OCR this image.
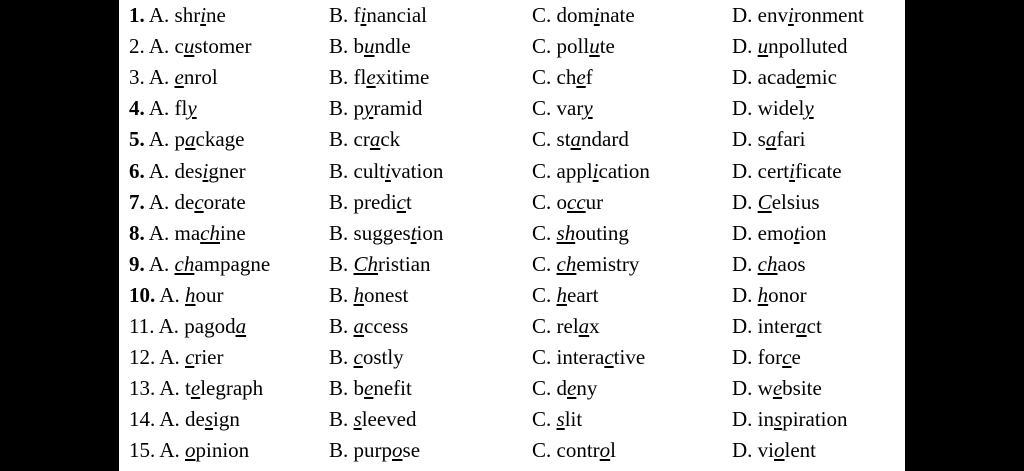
1. A. shrine	B. financial	C. dominate	D. environment
2. A. customer	B. bundle	C. pollute	D. unpolluted
3. A. enrol	B. flexitime	C. chef	D. academic
4. A. fly	B. pyramid	C. vary	D. widely
5. A. package	B. crack	C. standard	D. safari
6. A. designer	B. cultivation	C. application	D. certificate
7. A. decorate	B. predict	C. occur	D. Celsius
8. A. machine	B. suggestion	C. shouting	D. emotion
9. A. champagne	B. Christian	C. chemistry	D. chaos
10. A. hour	B. honest	C. heart	D. honor
11. A. pagoda	B. access	C. relax	D. interact
12. A. crier	B. costly	C. interactive	D. force
13. A. telegraph	B. benefit	C. deny	D. website
14. A. design	B. sleeved	C. slit	D. inspiration
15. A. opinion	B. purpose	C. control	D. violent
